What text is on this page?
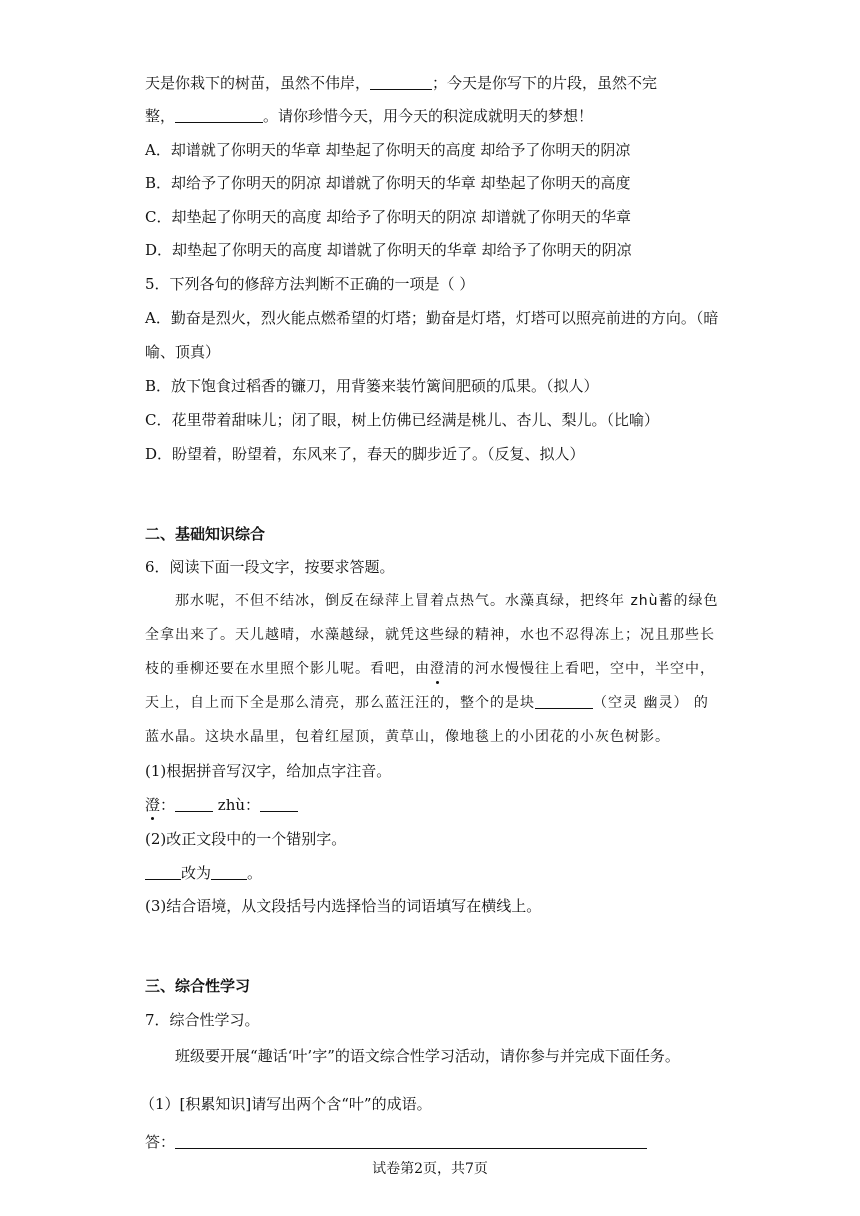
天是你栽下的树苗，虽然不伟岸，	；今天是你写下的片段，虽然不完
整，	。请你珍惜今天，用今天的积淀成就明天的梦想！
A．却谱就了你明天的华章 却垫起了你明天的高度 却给予了你明天的阴凉
B．却给予了你明天的阴凉 却谱就了你明天的华章 却垫起了你明天的高度
C．却垫起了你明天的高度 却给予了你明天的阴凉 却谱就了你明天的华章
D．却垫起了你明天的高度 却谱就了你明天的华章 却给予了你明天的阴凉
5．下列各句的修辞方法判断不正确的一项是（ ）
A．勤奋是烈火，烈火能点燃希望的灯塔；勤奋是灯塔，灯塔可以照亮前进的方向。（暗
喻、顶真）
B．放下饱食过稻香的镰刀，用背篓来装竹篱间肥硕的瓜果。（拟人）
C．花里带着甜味儿；闭了眼，树上仿佛已经满是桃儿、杏儿、梨儿。（比喻）
D．盼望着，盼望着，东风来了，春天的脚步近了。（反复、拟人）
二、基础知识综合
6．阅读下面一段文字，按要求答题。
那水呢，不但不结冰，倒反在绿萍上冒着点热气。水藻真绿，把终年 zhù蓄的绿色
全拿出来了。天儿越晴，水藻越绿，就凭这些绿的精神，水也不忍得冻上；况且那些长
枝的垂柳还要在水里照个影儿呢。看吧，由澄清的河水慢慢往上看吧，空中，半空中，
天上，自上而下全是那么清亮，那么蓝汪汪的，整个的是块	（空灵 幽灵） 的
蓝水晶。这块水晶里，包着红屋顶，黄草山，像地毯上的小团花的小灰色树影。
(1)根据拼音写汉字，给加点字注音。
澄：	zhù：
(2)改正文段中的一个错别字。
改为 。
(3)结合语境，从文段括号内选择恰当的词语填写在横线上。
三、综合性学习
7．综合性学习。
班级要开展“趣话‘叶’字”的语文综合性学习活动，请你参与并完成下面任务。
（1）[积累知识]请写出两个含“叶”的成语。
答：
试卷第2页，共7页
